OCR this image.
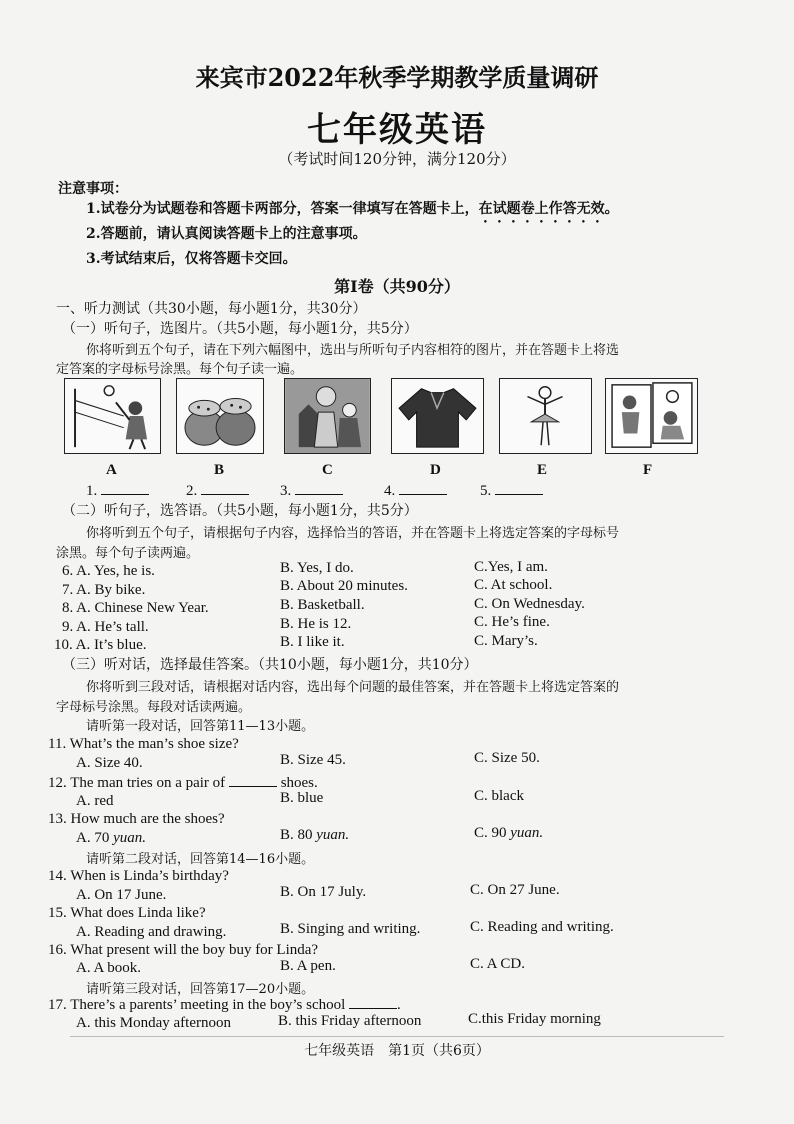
来宾市2022年秋季学期教学质量调研
七年级英语
（考试时间120分钟，满分120分）
注意事项：
1.试卷分为试题卷和答题卡两部分，答案一律填写在答题卡上，在试题卷上作答无效。
2.答题前，请认真阅读答题卡上的注意事项。
3.考试结束后，仅将答题卡交回。
第Ⅰ卷（共90分）
一、听力测试（共30小题，每小题1分，共30分）
（一）听句子，选图片。（共5小题，每小题1分，共5分）
你将听到五个句子，请在下列六幅图中，选出与所听句子内容相符的图片，并在答题卡上将选
定答案的字母标号涂黑。每个句子读一遍。
A	B	C	D	E	F
1.	2.	3.	4.	5.
（二）听句子，选答语。（共5小题，每小题1分，共5分）
你将听到五个句子，请根据句子内容，选择恰当的答语，并在答题卡上将选定答案的字母标号
涂黑。每个句子读两遍。
6. A. Yes, he is.	B. Yes, I do.	C.Yes, I am.
7. A. By bike.	B. About 20 minutes.	C. At school.
8. A. Chinese New Year.	B. Basketball.	C. On Wednesday.
9. A. He’s tall.	B. He is 12.	C. He’s fine.
10. A. It’s blue.	B. I like it.	C. Mary’s.
（三）听对话，选择最佳答案。（共10小题，每小题1分，共10分）
你将听到三段对话，请根据对话内容，选出每个问题的最佳答案，并在答题卡上将选定答案的
字母标号涂黑。每段对话读两遍。
请听第一段对话，回答第11—13小题。
11. What’s the man’s shoe size?
A. Size 40.	B. Size 45.	C. Size 50.
12. The man tries on a pair of	shoes.
A. red	B. blue	C. black
13. How much are the shoes?
A. 70 yuan.	B. 80 yuan.	C. 90 yuan.
请听第二段对话，回答第14—16小题。
14. When is Linda’s birthday?
A. On 17 June.	B. On 17 July.	C. On 27 June.
15. What does Linda like?
A. Reading and drawing.	B. Singing and writing.	C. Reading and writing.
16. What present will the boy buy for Linda?
A. A book.	B. A pen.	C. A CD.
请听第三段对话，回答第17—20小题。
17. There’s a parents’ meeting in the boy’s school	.
A. this Monday afternoon	B. this Friday afternoon	C.this Friday morning
七年级英语　第1页（共6页）
